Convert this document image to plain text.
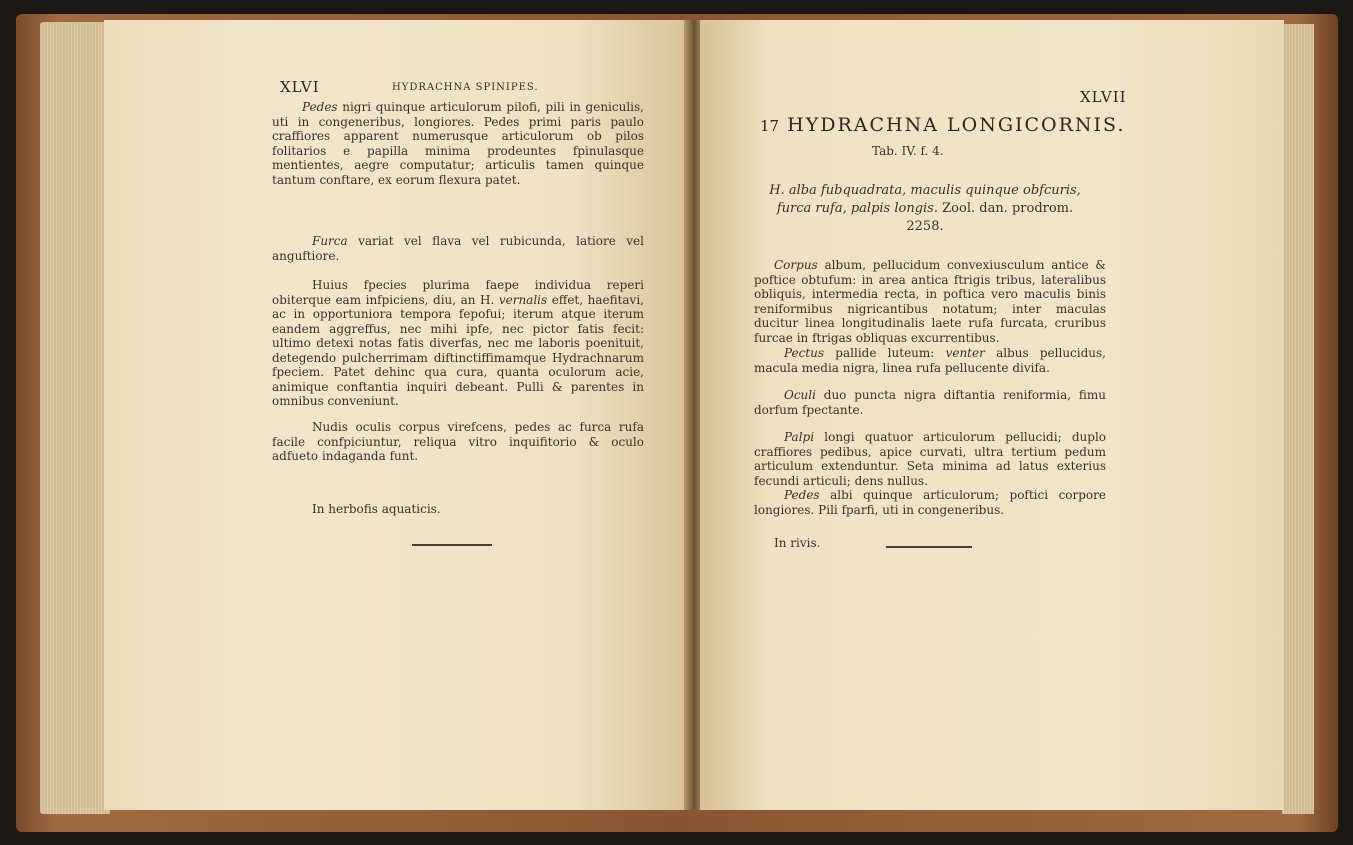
XLVI	HYDRACHNA SPINIPES.

Pedes nigri quinque articulorum pilofi, pili in geniculis, uti in congeneribus, longiores. Pedes primi paris paulo craffiores apparent numerusque articulorum ob pilos folitarios e papilla minima prodeuntes fpinulasque mentientes, aegre computatur; articulis tamen quinque tantum conftare, ex eorum flexura patet.

Furca variat vel flava vel rubicunda, latiore vel anguftiore.

Huius fpecies plurima faepe individua reperi obiterque eam infpiciens, diu, an H. vernalis effet, haefitavi, ac in opportuniora tempora fepofui; iterum atque iterum eandem aggreffus, nec mihi ipfe, nec pictor fatis fecit: ultimo detexi notas fatis diverfas, nec me laboris poenituit, detegendo pulcherrimam diftinctiffimamque Hydrachnarum fpeciem. Patet dehinc qua cura, quanta oculorum acie, animique conftantia inquiri debeant. Pulli & parentes in omnibus conveniunt.

Nudis oculis corpus virefcens, pedes ac furca rufa facile confpiciuntur, reliqua vitro inquifitorio & oculo adfueto indaganda funt.

In herbofis aquaticis.

XLVII
17 HYDRACHNA LONGICORNIS.
Tab. IV. f. 4.

H. alba fubquadrata, maculis quinque obfcuris, furca rufa, palpis longis. Zool. dan. prodrom. 2258.

Corpus album, pellucidum convexiusculum antice & poftice obtufum: in area antica ftrigis tribus, lateralibus obliquis, intermedia recta, in poftica vero maculis binis reniformibus nigricantibus notatum; inter maculas ducitur linea longitudinalis laete rufa furcata, cruribus furcae in ftrigas obliquas excurrentibus.

Pectus pallide luteum: venter albus pellucidus, macula media nigra, linea rufa pellucente divifa.

Oculi duo puncta nigra diftantia reniformia, fimu dorfum fpectante.

Palpi longi quatuor articulorum pellucidi; duplo craffiores pedibus, apice curvati, ultra tertium pedum articulum extenduntur. Seta minima ad latus exterius fecundi articuli; dens nullus.

Pedes albi quinque articulorum; poftici corpore longiores. Pili fparfi, uti in congeneribus.

In rivis.
